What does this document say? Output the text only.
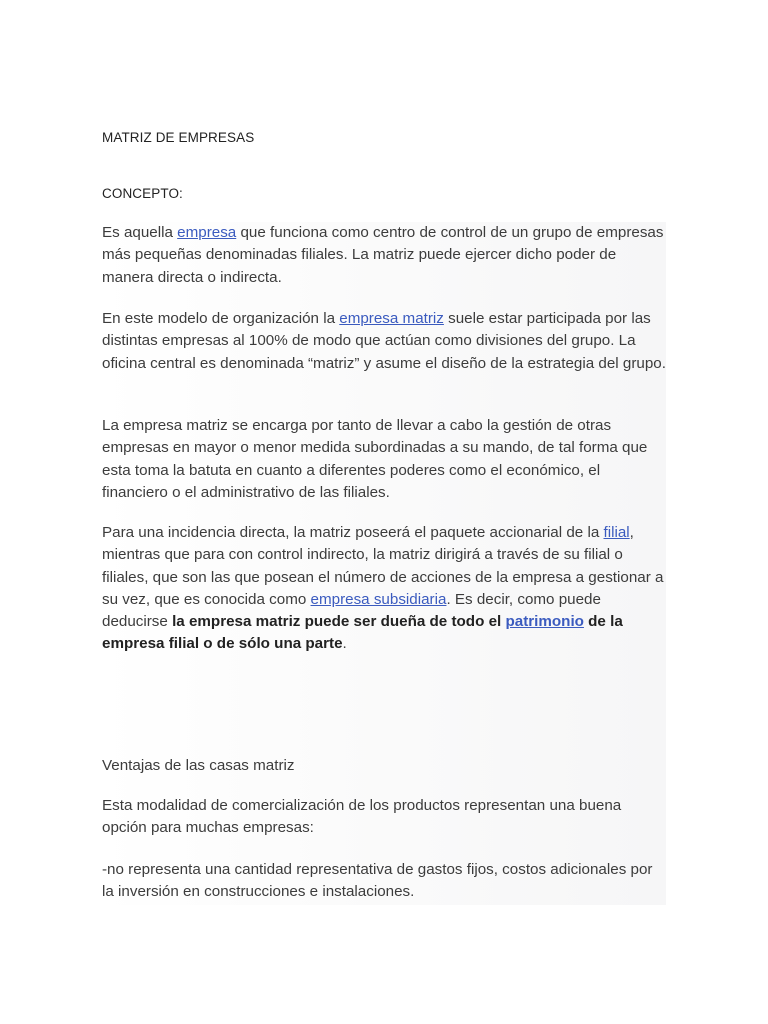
MATRIZ DE EMPRESAS
CONCEPTO:

Es aquella empresa que funciona como centro de control de un grupo de empresas más pequeñas denominadas filiales. La matriz puede ejercer dicho poder de manera directa o indirecta.

En este modelo de organización la empresa matriz suele estar participada por las distintas empresas al 100% de modo que actúan como divisiones del grupo. La oficina central es denominada “matriz” y asume el diseño de la estrategia del grupo.

La empresa matriz se encarga por tanto de llevar a cabo la gestión de otras empresas en mayor o menor medida subordinadas a su mando, de tal forma que esta toma la batuta en cuanto a diferentes poderes como el económico, el financiero o el administrativo de las filiales.

Para una incidencia directa, la matriz poseerá el paquete accionarial de la filial, mientras que para con control indirecto, la matriz dirigirá a través de su filial o filiales, que son las que posean el número de acciones de la empresa a gestionar a su vez, que es conocida como empresa subsidiaria. Es decir, como puede deducirse la empresa matriz puede ser dueña de todo el patrimonio de la empresa filial o de sólo una parte.

Ventajas de las casas matriz

Esta modalidad de comercialización de los productos representan una buena opción para muchas empresas:

-no representa una cantidad representativa de gastos fijos, costos adicionales por la inversión en construcciones e instalaciones.
